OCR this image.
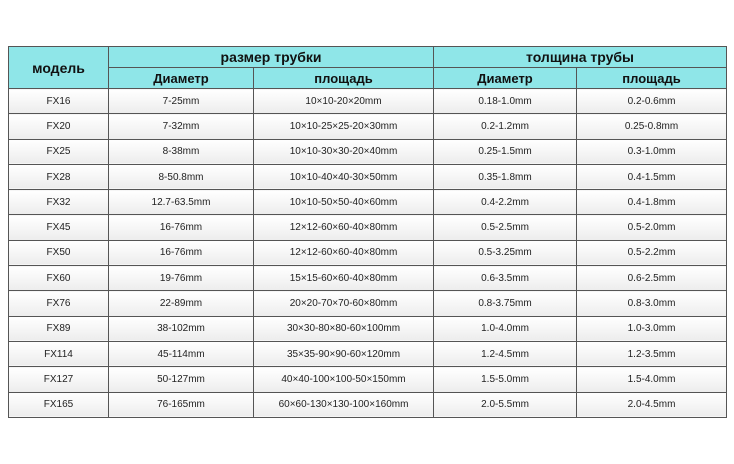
модель	размер трубки		толщина трубы	
	Диаметр	площадь	Диаметр	площадь
FX16	7-25mm	10×10-20×20mm	0.18-1.0mm	0.2-0.6mm
FX20	7-32mm	10×10-25×25-20×30mm	0.2-1.2mm	0.25-0.8mm
FX25	8-38mm	10×10-30×30-20×40mm	0.25-1.5mm	0.3-1.0mm
FX28	8-50.8mm	10×10-40×40-30×50mm	0.35-1.8mm	0.4-1.5mm
FX32	12.7-63.5mm	10×10-50×50-40×60mm	0.4-2.2mm	0.4-1.8mm
FX45	16-76mm	12×12-60×60-40×80mm	0.5-2.5mm	0.5-2.0mm
FX50	16-76mm	12×12-60×60-40×80mm	0.5-3.25mm	0.5-2.2mm
FX60	19-76mm	15×15-60×60-40×80mm	0.6-3.5mm	0.6-2.5mm
FX76	22-89mm	20×20-70×70-60×80mm	0.8-3.75mm	0.8-3.0mm
FX89	38-102mm	30×30-80×80-60×100mm	1.0-4.0mm	1.0-3.0mm
FX114	45-114mm	35×35-90×90-60×120mm	1.2-4.5mm	1.2-3.5mm
FX127	50-127mm	40×40-100×100-50×150mm	1.5-5.0mm	1.5-4.0mm
FX165	76-165mm	60×60-130×130-100×160mm	2.0-5.5mm	2.0-4.5mm
